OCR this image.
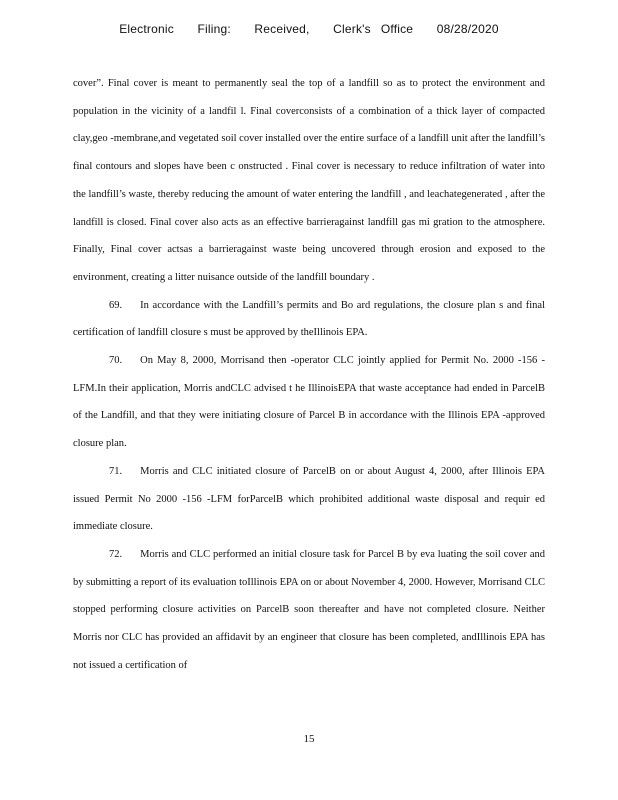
Electronic Filing: Received, Clerk's Office 08/28/2020

cover”. Final cover is meant to permanently seal the top of a landfill so as to protect the environment and population in the vicinity of a landfil l. Final coverconsists of a combination of a thick layer of compacted clay,geo -membrane,and vegetated soil cover installed over the entire surface of a landfill unit after the landfill’s final contours and slopes have been c onstructed . Final cover is necessary to reduce infiltration of water into the landfill’s waste, thereby reducing the amount of water entering the landfill , and leachategenerated , after the landfill is closed. Final cover also acts as an effective barrieragainst landfill gas mi gration to the atmosphere. Finally, Final cover actsas a barrieragainst waste being uncovered through erosion and exposed to the environment, creating a litter nuisance outside of the landfill boundary .

69. In accordance with the Landfill’s permits and Bo ard regulations, the closure plan s and final certification of landfill closure s must be approved by theIllinois EPA.

70. On May 8, 2000, Morrisand then -operator CLC jointly applied for Permit No. 2000 -156 -LFM.In their application, Morris andCLC advised t he IllinoisEPA that waste acceptance had ended in ParcelB of the Landfill, and that they were initiating closure of Parcel B in accordance with the Illinois EPA -approved closure plan.

71. Morris and CLC initiated closure of ParcelB on or about August 4, 2000, after Illinois EPA issued Permit No 2000 -156 -LFM forParcelB which prohibited additional waste disposal and requir ed immediate closure.

72. Morris and CLC performed an initial closure task for Parcel B by eva luating the soil cover and by submitting a report of its evaluation toIllinois EPA on or about November 4, 2000. However, Morrisand CLC stopped performing closure activities on ParcelB soon thereafter and have not completed closure. Neither Morris nor CLC has provided an affidavit by an engineer that closure has been completed, andIllinois EPA has not issued a certification of

15
